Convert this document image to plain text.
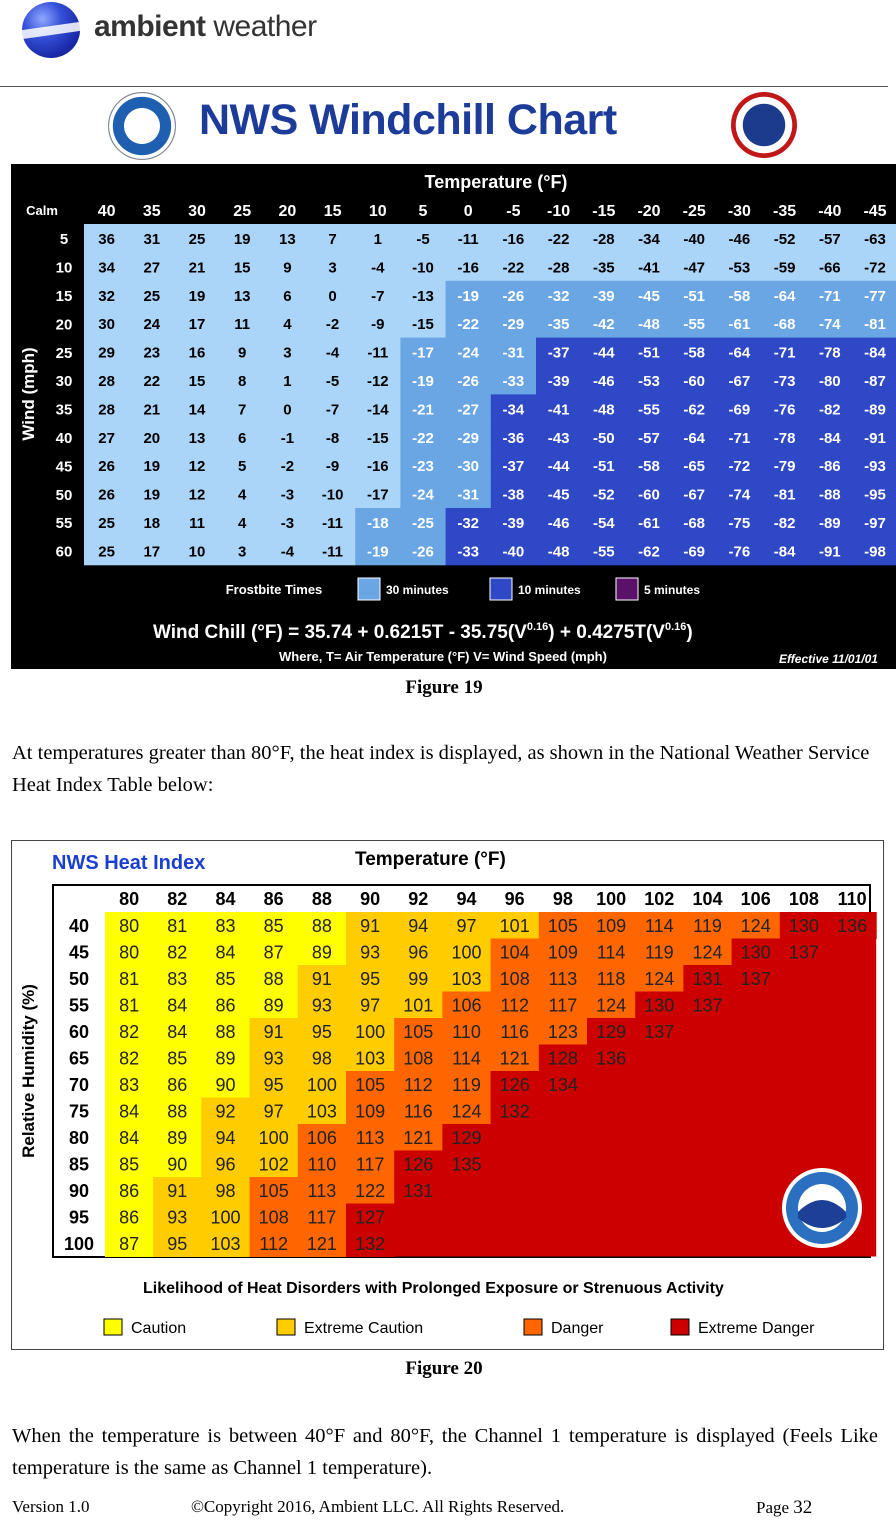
ambient weather
NWS Windchill Chart
Temperature (°F)
Calm 40 35 30 25 20 15 10 5 0 -5 -10 -15 -20 -25 -30 -35 -40 -45
Wind (mph)
5 36 31 25 19 13 7 1 -5 -11 -16 -22 -28 -34 -40 -46 -52 -57 -63
10 34 27 21 15 9 3 -4 -10 -16 -22 -28 -35 -41 -47 -53 -59 -66 -72
15 32 25 19 13 6 0 -7 -13 -19 -26 -32 -39 -45 -51 -58 -64 -71 -77
20 30 24 17 11 4 -2 -9 -15 -22 -29 -35 -42 -48 -55 -61 -68 -74 -81
25 29 23 16 9 3 -4 -11 -17 -24 -31 -37 -44 -51 -58 -64 -71 -78 -84
30 28 22 15 8 1 -5 -12 -19 -26 -33 -39 -46 -53 -60 -67 -73 -80 -87
35 28 21 14 7 0 -7 -14 -21 -27 -34 -41 -48 -55 -62 -69 -76 -82 -89
40 27 20 13 6 -1 -8 -15 -22 -29 -36 -43 -50 -57 -64 -71 -78 -84 -91
45 26 19 12 5 -2 -9 -16 -23 -30 -37 -44 -51 -58 -65 -72 -79 -86 -93
50 26 19 12 4 -3 -10 -17 -24 -31 -38 -45 -52 -60 -67 -74 -81 -88 -95
55 25 18 11 4 -3 -11 -18 -25 -32 -39 -46 -54 -61 -68 -75 -82 -89 -97
60 25 17 10 3 -4 -11 -19 -26 -33 -40 -48 -55 -62 -69 -76 -84 -91 -98
Frostbite Times	30 minutes	10 minutes	5 minutes
Wind Chill $(^\circ F) = 35.74 + 0.6215T - 35.75(V^{0.16}) + 0.4275T(V^{0.16})$
Where, T= Air Temperature (°F) V= Wind Speed (mph)	Effective 11/01/01
Figure 19
At temperatures greater than 80°F, the heat index is displayed, as shown in the National Weather Service Heat Index Table below:
NWS Heat Index	Temperature (°F)
Relative Humidity (%)
80 82 84 86 88 90 92 94 96 98 100 102 104 106 108 110
40 80 81 83 85 88 91 94 97 101 105 109 114 119 124 130 136
45 80 82 84 87 89 93 96 100 104 109 114 119 124 130 137
50 81 83 85 88 91 95 99 103 108 113 118 124 131 137
55 81 84 86 89 93 97 101 106 112 117 124 130 137
60 82 84 88 91 95 100 105 110 116 123 129 137
65 82 85 89 93 98 103 108 114 121 128 136
70 83 86 90 95 100 105 112 119 126 134
75 84 88 92 97 103 109 116 124 132
80 84 89 94 100 106 113 121 129
85 85 90 96 102 110 117 126 135
90 86 91 98 105 113 122 131
95 86 93 100 108 117 127
100 87 95 103 112 121 132
Likelihood of Heat Disorders with Prolonged Exposure or Strenuous Activity
Caution	Extreme Caution	Danger	Extreme Danger
Figure 20
When the temperature is between 40°F and 80°F, the Channel 1 temperature is displayed (Feels Like temperature is the same as Channel 1 temperature).
Version 1.0	©Copyright 2016, Ambient LLC. All Rights Reserved.	Page 32
